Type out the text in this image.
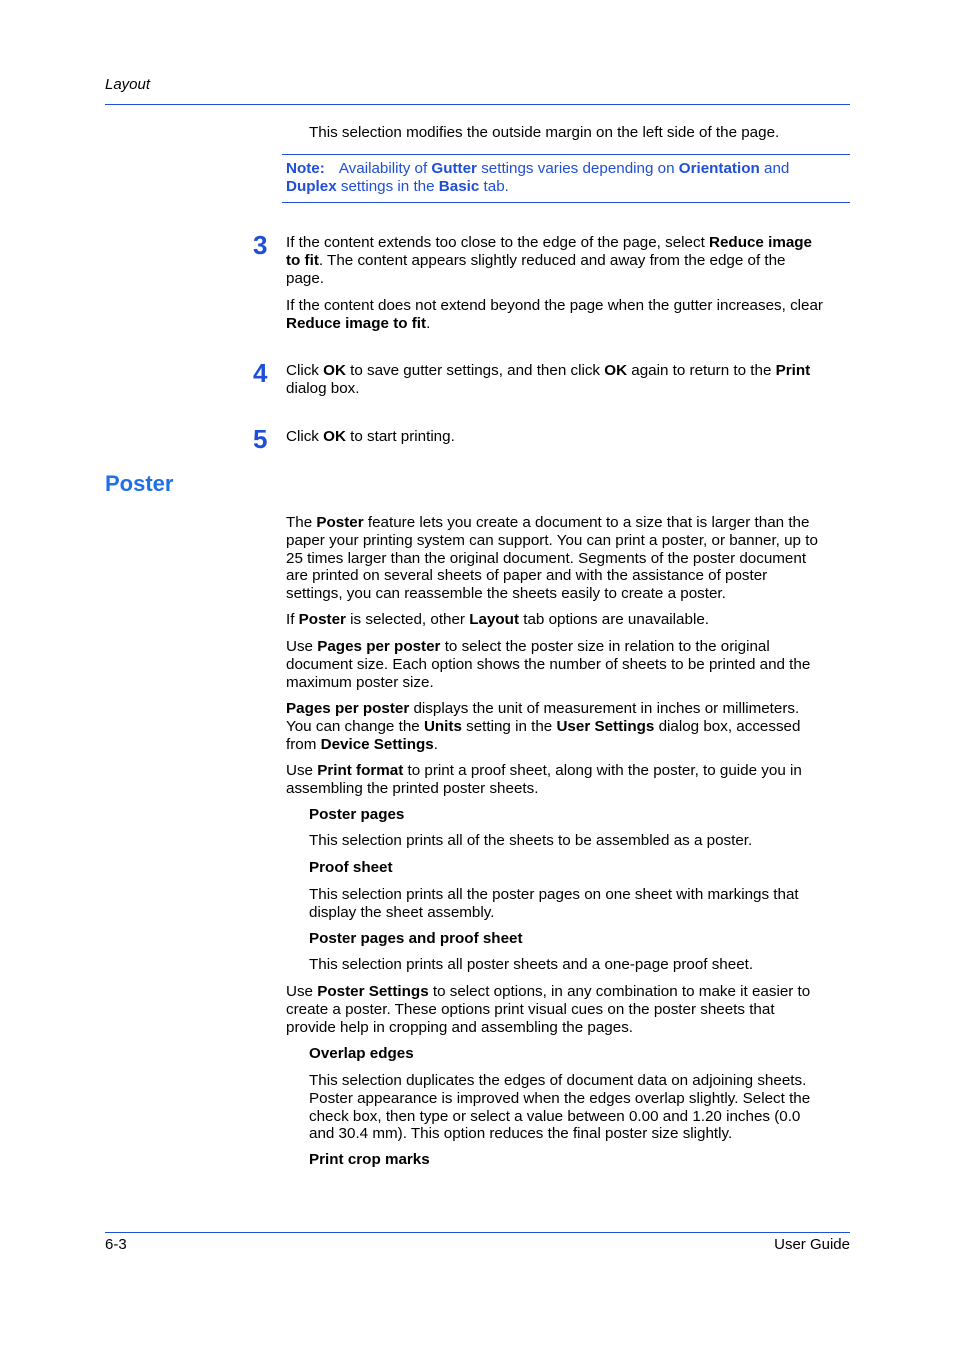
Layout
This selection modifies the outside margin on the left side of the page.
Note: Availability of Gutter settings varies depending on Orientation and
Duplex settings in the Basic tab.
3 If the content extends too close to the edge of the page, select Reduce image
to fit. The content appears slightly reduced and away from the edge of the
page.
If the content does not extend beyond the page when the gutter increases, clear
Reduce image to fit.
4 Click OK to save gutter settings, and then click OK again to return to the Print
dialog box.
5 Click OK to start printing.
Poster
The Poster feature lets you create a document to a size that is larger than the
paper your printing system can support. You can print a poster, or banner, up to
25 times larger than the original document. Segments of the poster document
are printed on several sheets of paper and with the assistance of poster
settings, you can reassemble the sheets easily to create a poster.
If Poster is selected, other Layout tab options are unavailable.
Use Pages per poster to select the poster size in relation to the original
document size. Each option shows the number of sheets to be printed and the
maximum poster size.
Pages per poster displays the unit of measurement in inches or millimeters.
You can change the Units setting in the User Settings dialog box, accessed
from Device Settings.
Use Print format to print a proof sheet, along with the poster, to guide you in
assembling the printed poster sheets.
Poster pages
This selection prints all of the sheets to be assembled as a poster.
Proof sheet
This selection prints all the poster pages on one sheet with markings that
display the sheet assembly.
Poster pages and proof sheet
This selection prints all poster sheets and a one-page proof sheet.
Use Poster Settings to select options, in any combination to make it easier to
create a poster. These options print visual cues on the poster sheets that
provide help in cropping and assembling the pages.
Overlap edges
This selection duplicates the edges of document data on adjoining sheets.
Poster appearance is improved when the edges overlap slightly. Select the
check box, then type or select a value between 0.00 and 1.20 inches (0.0
and 30.4 mm). This option reduces the final poster size slightly.
Print crop marks
6-3	User Guide
